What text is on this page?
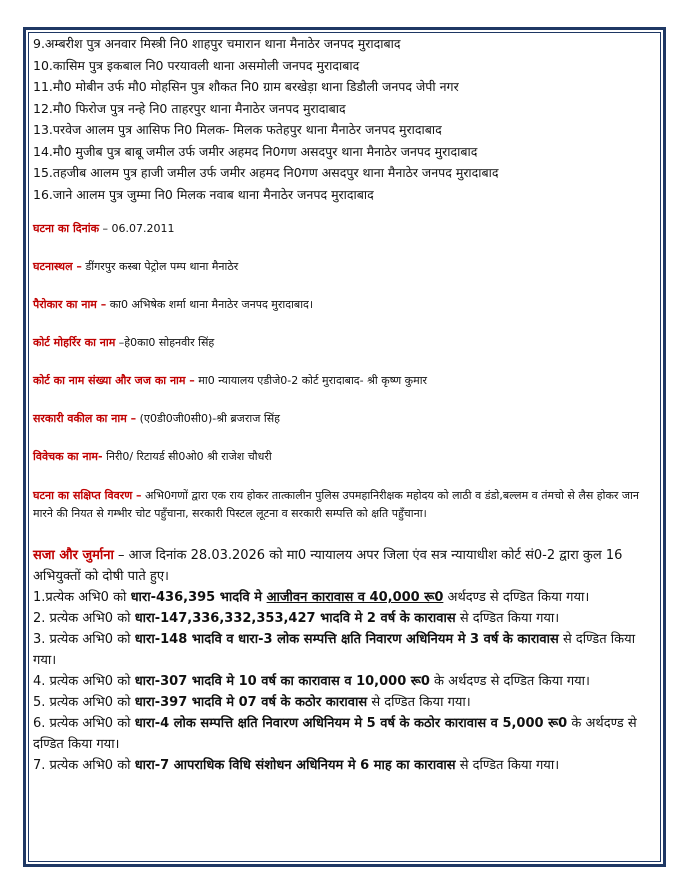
9.अम्बरीश पुत्र अनवार मिस्त्री नि0 शाहपुर चमारान थाना मैनाठेर जनपद मुरादाबाद
10.कासिम पुत्र इकबाल नि0 परयावली थाना असमोली जनपद मुरादाबाद
11.मौ0 मोबीन उर्फ मौ0 मोहसिन पुत्र शौकत नि0 ग्राम बरखेड़ा थाना डिडौली जनपद जेपी नगर
12.मौ0 फिरोज पुत्र नन्हे नि0 ताहरपुर थाना मैनाठेर जनपद मुरादाबाद
13.परवेज आलम पुत्र आसिफ नि0 मिलक- मिलक फतेहपुर थाना मैनाठेर जनपद मुरादाबाद
14.मौ0 मुजीब पुत्र बाबू जमील उर्फ जमीर अहमद नि0गण असदपुर थाना मैनाठेर जनपद मुरादाबाद
15.तहजीब आलम पुत्र हाजी जमील उर्फ जमीर अहमद नि0गण असदपुर थाना मैनाठेर जनपद मुरादाबाद
16.जाने आलम पुत्र जुम्मा नि0 मिलक नवाब थाना मैनाठेर जनपद मुरादाबाद
घटना का दिनांक – 06.07.2011
घटनास्थल – डींगरपुर कस्बा पेट्रोल पम्प थाना मैनाठेर
पैरोकार का नाम – का0 अभिषेक शर्मा थाना मैनाठेर जनपद मुरादाबाद।
कोर्ट मोहर्रिर का नाम –हे0का0 सोहनवीर सिंह
कोर्ट का नाम संख्या और जज का नाम – मा0 न्यायालय एडीजे0-2 कोर्ट मुरादाबाद- श्री कृष्ण कुमार
सरकारी वकील का नाम – (ए0डी0जी0सी0)-श्री ब्रजराज सिंह
विवेचक का नाम- निरी0/ रिटायर्ड सी0ओ0 श्री राजेश चौधरी
घटना का सक्षिप्त विवरण – अभि0गणों द्वारा एक राय होकर तात्कालीन पुलिस उपमहानिरीक्षक महोदय को लाठी व डंडो,बल्लम व तंमचो से लैस होकर जान मारने की नियत से गम्भीर चोट पहुँचाना, सरकारी पिस्टल लूटना व सरकारी सम्पत्ति को क्षति पहुँचाना।
सजा और जुर्माना – आज दिनांक 28.03.2026 को मा0 न्यायालय अपर जिला एंव सत्र न्यायाधीश कोर्ट सं0-2 द्वारा कुल 16 अभियुक्तों को दोषी पाते हुए।
1.प्रत्येक अभि0 को धारा-436,395 भादवि मे आजीवन कारावास व 40,000 रू0 अर्थदण्ड से दण्डित किया गया।
2. प्रत्येक अभि0 को धारा-147,336,332,353,427 भादवि मे 2 वर्ष के कारावास से दण्डित किया गया।
3. प्रत्येक अभि0 को धारा-148 भादवि व धारा-3 लोक सम्पत्ति क्षति निवारण अधिनियम मे 3 वर्ष के कारावास से दण्डित किया गया।
4. प्रत्येक अभि0 को धारा-307 भादवि मे 10 वर्ष का कारावास व 10,000 रू0 के अर्थदण्ड से दण्डित किया गया।
5. प्रत्येक अभि0 को धारा-397 भादवि मे 07 वर्ष के कठोर कारावास से दण्डित किया गया।
6. प्रत्येक अभि0 को धारा-4 लोक सम्पत्ति क्षति निवारण अधिनियम मे 5 वर्ष के कठोर कारावास व 5,000 रू0 के अर्थदण्ड से दण्डित किया गया।
7. प्रत्येक अभि0 को धारा-7 आपराधिक विधि संशोधन अधिनियम मे 6 माह का कारावास से दण्डित किया गया।
